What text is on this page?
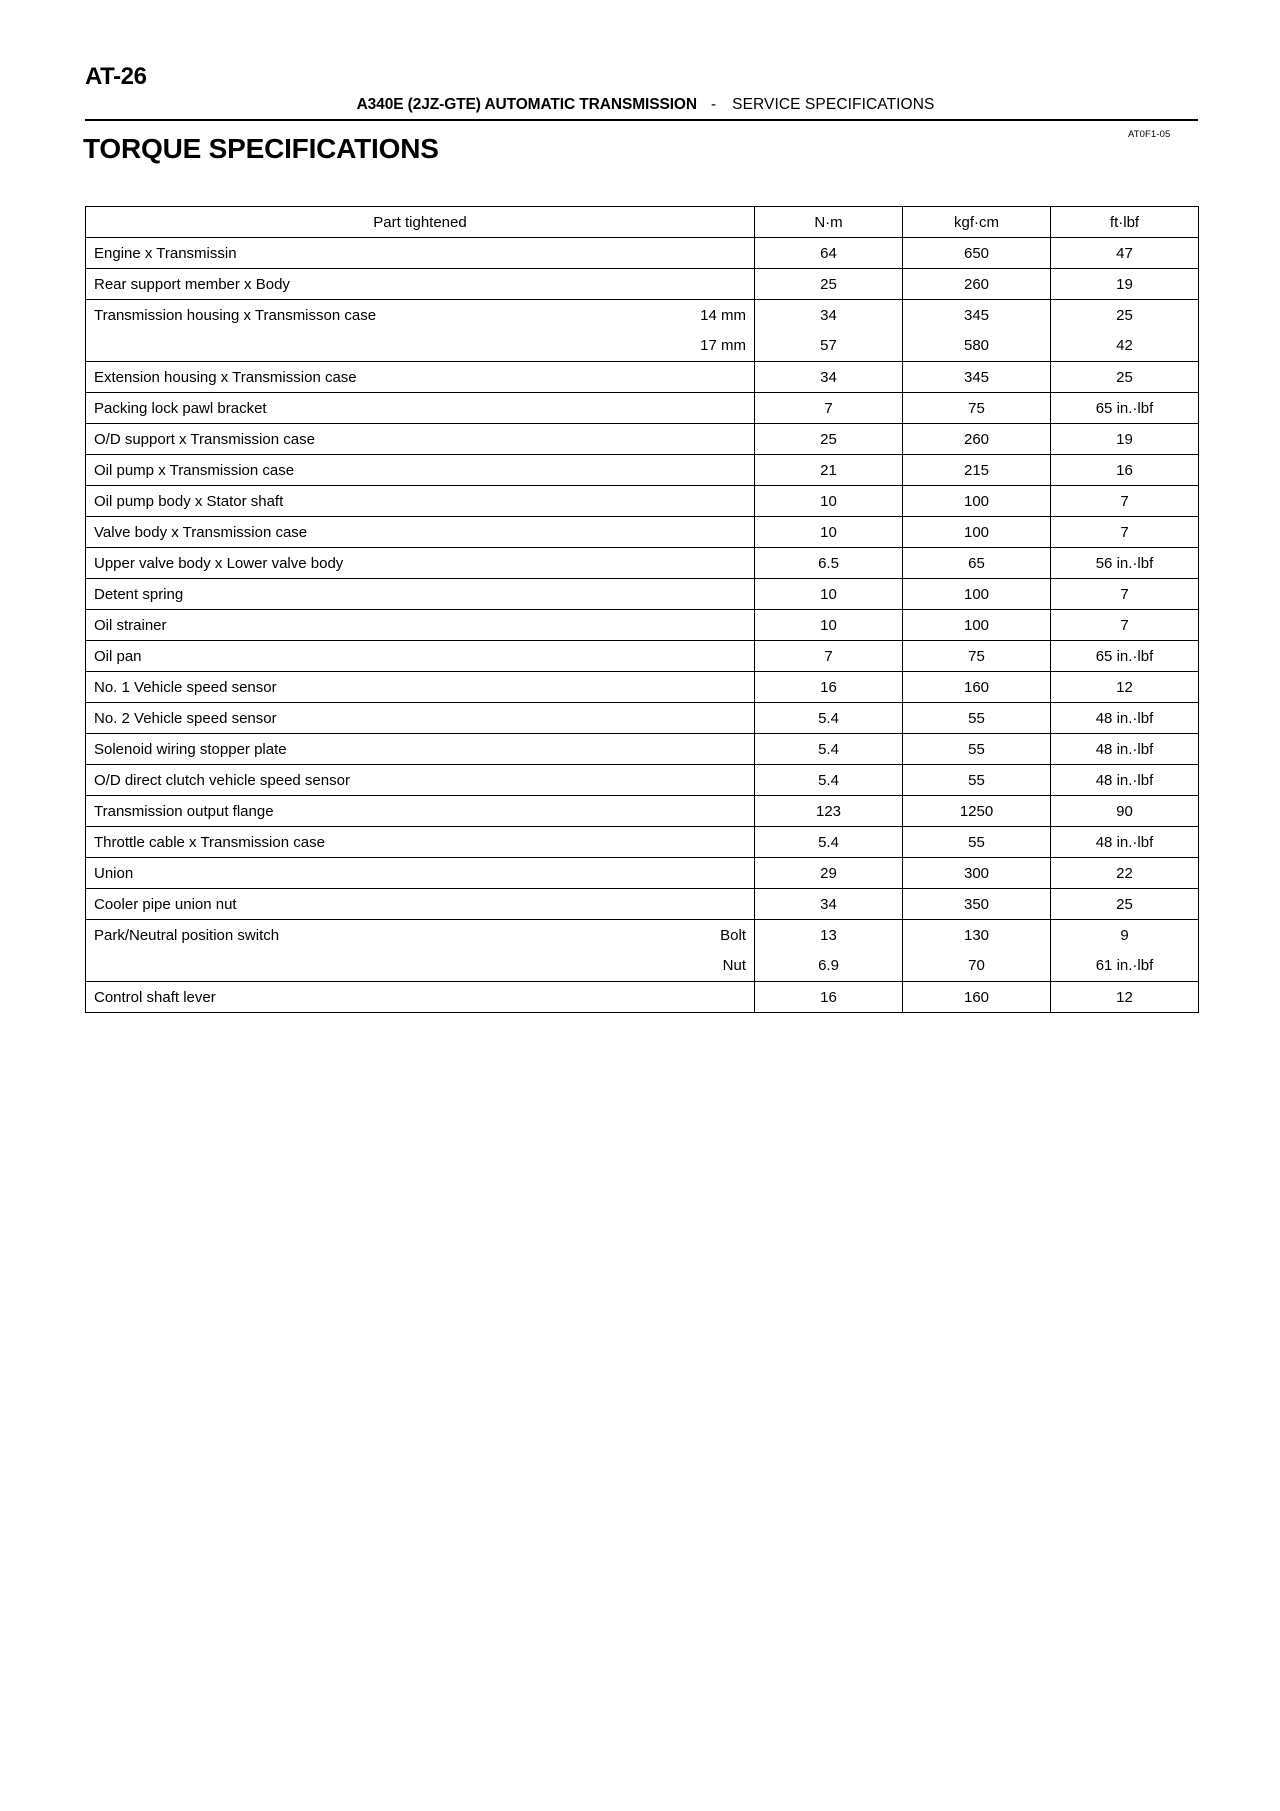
AT-26
A340E (2JZ-GTE) AUTOMATIC TRANSMISSION - SERVICE SPECIFICATIONS
TORQUE SPECIFICATIONS	AT0F1-05
Part tightened		N·m	kgf·cm	ft·lbf
Engine x Transmissin		64	650	47
Rear support member x Body		25	260	19
Transmission housing x Transmisson case	14 mm	34	345	25
	17 mm	57	580	42
Extension housing x Transmission case		34	345	25
Packing lock pawl bracket		7	75	65 in.·lbf
O/D support x Transmission case		25	260	19
Oil pump x Transmission case		21	215	16
Oil pump body x Stator shaft		10	100	7
Valve body x Transmission case		10	100	7
Upper valve body x Lower valve body		6.5	65	56 in.·lbf
Detent spring		10	100	7
Oil strainer		10	100	7
Oil pan		7	75	65 in.·lbf
No. 1 Vehicle speed sensor		16	160	12
No. 2 Vehicle speed sensor		5.4	55	48 in.·lbf
Solenoid wiring stopper plate		5.4	55	48 in.·lbf
O/D direct clutch vehicle speed sensor		5.4	55	48 in.·lbf
Transmission output flange		123	1250	90
Throttle cable x Transmission case		5.4	55	48 in.·lbf
Union		29	300	22
Cooler pipe union nut		34	350	25
Park/Neutral position switch	Bolt	13	130	9
	Nut	6.9	70	61 in.·lbf
Control shaft lever		16	160	12
